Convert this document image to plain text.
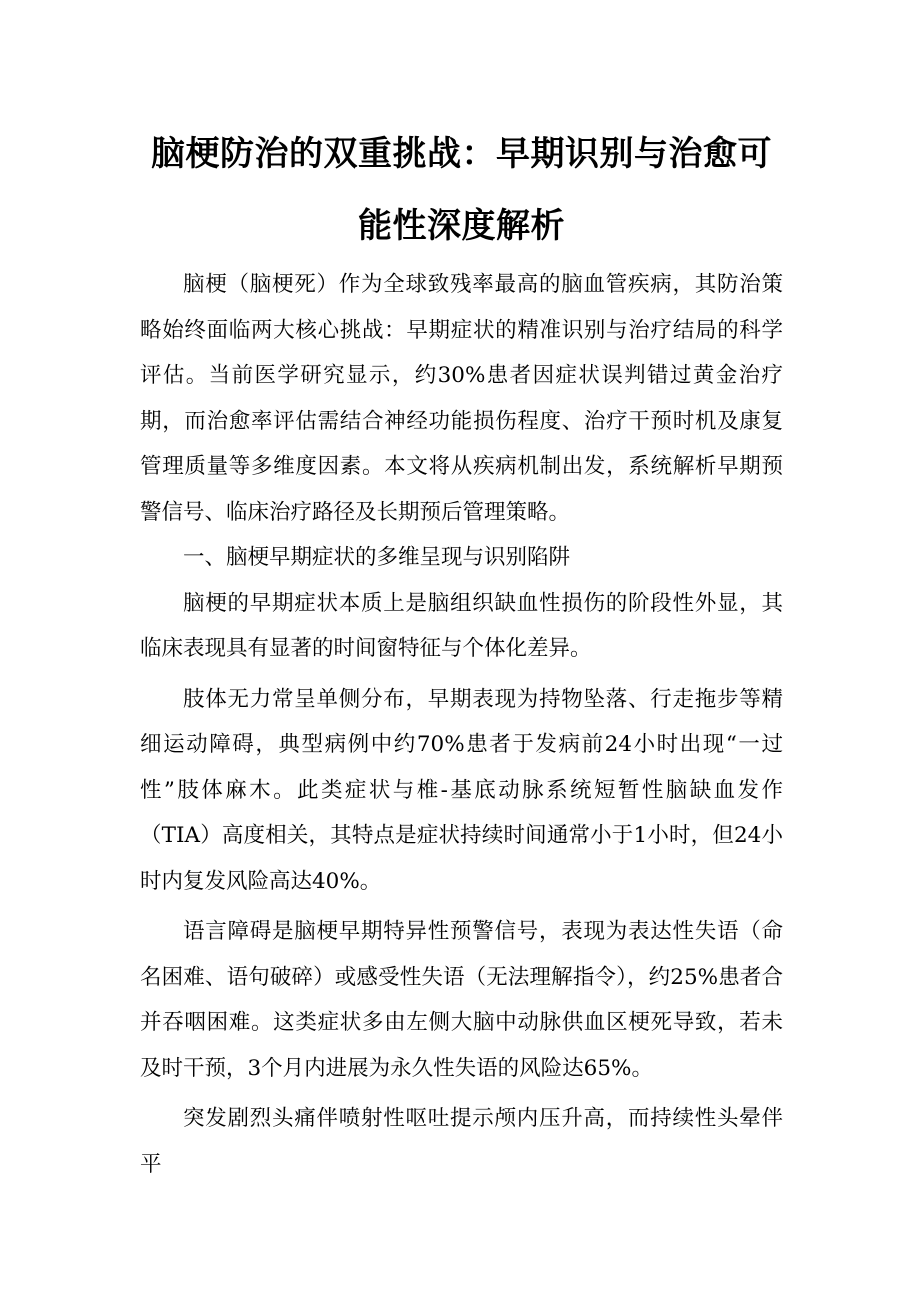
脑梗防治的双重挑战：早期识别与治愈可能性深度解析

脑梗（脑梗死）作为全球致残率最高的脑血管疾病，其防治策略始终面临两大核心挑战：早期症状的精准识别与治疗结局的科学评估。当前医学研究显示，约30%患者因症状误判错过黄金治疗期，而治愈率评估需结合神经功能损伤程度、治疗干预时机及康复管理质量等多维度因素。本文将从疾病机制出发，系统解析早期预警信号、临床治疗路径及长期预后管理策略。

一、脑梗早期症状的多维呈现与识别陷阱

脑梗的早期症状本质上是脑组织缺血性损伤的阶段性外显，其临床表现具有显著的时间窗特征与个体化差异。

肢体无力常呈单侧分布，早期表现为持物坠落、行走拖步等精细运动障碍，典型病例中约70%患者于发病前24小时出现“一过性”肢体麻木。此类症状与椎-基底动脉系统短暂性脑缺血发作（TIA）高度相关，其特点是症状持续时间通常小于1小时，但24小时内复发风险高达40%。

语言障碍是脑梗早期特异性预警信号，表现为表达性失语（命名困难、语句破碎）或感受性失语（无法理解指令），约25%患者合并吞咽困难。这类症状多由左侧大脑中动脉供血区梗死导致，若未及时干预，3个月内进展为永久性失语的风险达65%。

突发剧烈头痛伴喷射性呕吐提示颅内压升高，而持续性头晕伴平
